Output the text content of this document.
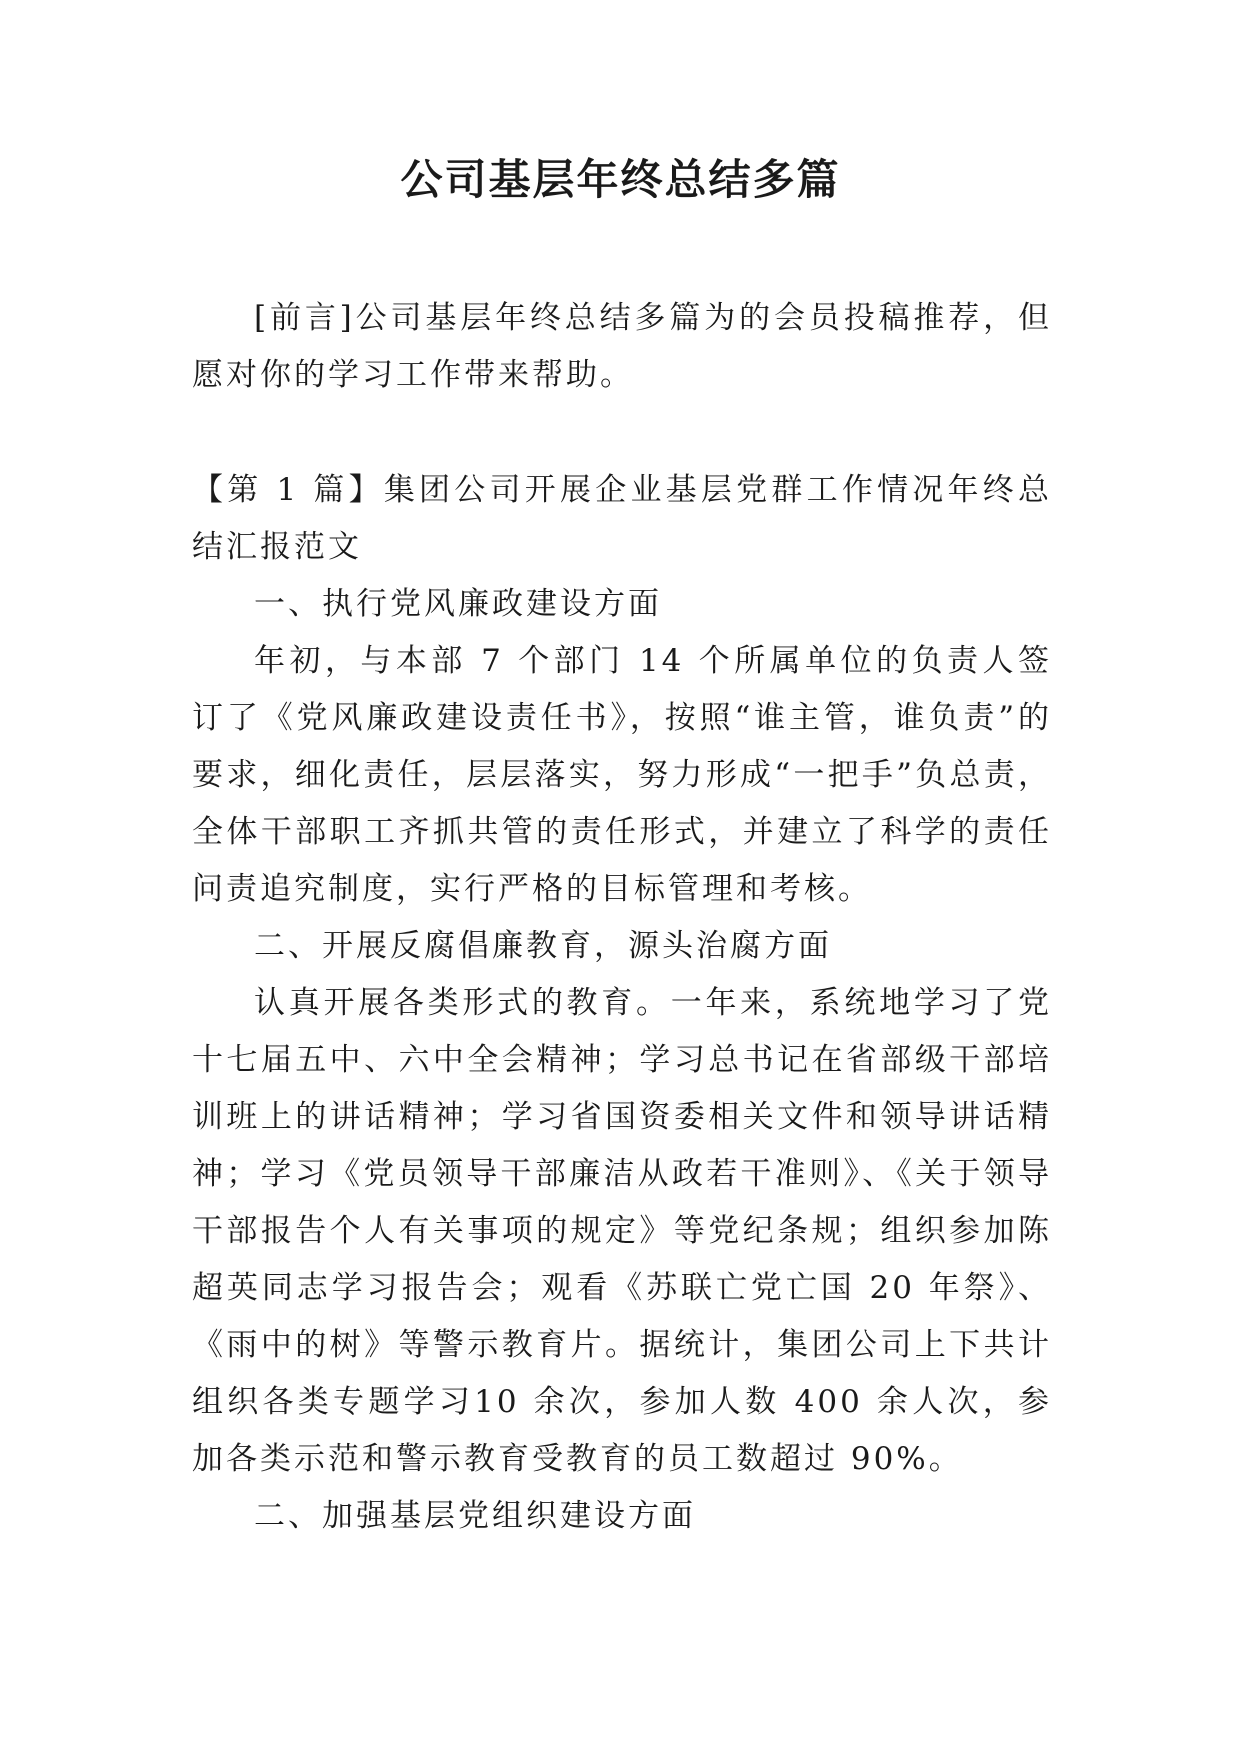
公司基层年终总结多篇

[前言]公司基层年终总结多篇为的会员投稿推荐，但愿对你的学习工作带来帮助。

【第 1 篇】集团公司开展企业基层党群工作情况年终总结汇报范文

一、执行党风廉政建设方面

年初，与本部 7 个部门 14 个所属单位的负责人签订了《党风廉政建设责任书》，按照“谁主管，谁负责”的要求，细化责任，层层落实，努力形成“一把手”负总责，全体干部职工齐抓共管的责任形式，并建立了科学的责任问责追究制度，实行严格的目标管理和考核。

二、开展反腐倡廉教育，源头治腐方面

认真开展各类形式的教育。一年来，系统地学习了党十七届五中、六中全会精神；学习总书记在省部级干部培训班上的讲话精神；学习省国资委相关文件和领导讲话精神；学习《党员领导干部廉洁从政若干准则》、《关于领导干部报告个人有关事项的规定》等党纪条规；组织参加陈超英同志学习报告会；观看《苏联亡党亡国 20 年祭》、《雨中的树》等警示教育片。据统计，集团公司上下共计组织各类专题学习10 余次，参加人数 400 余人次，参加各类示范和警示教育受教育的员工数超过 90%。

二、加强基层党组织建设方面
